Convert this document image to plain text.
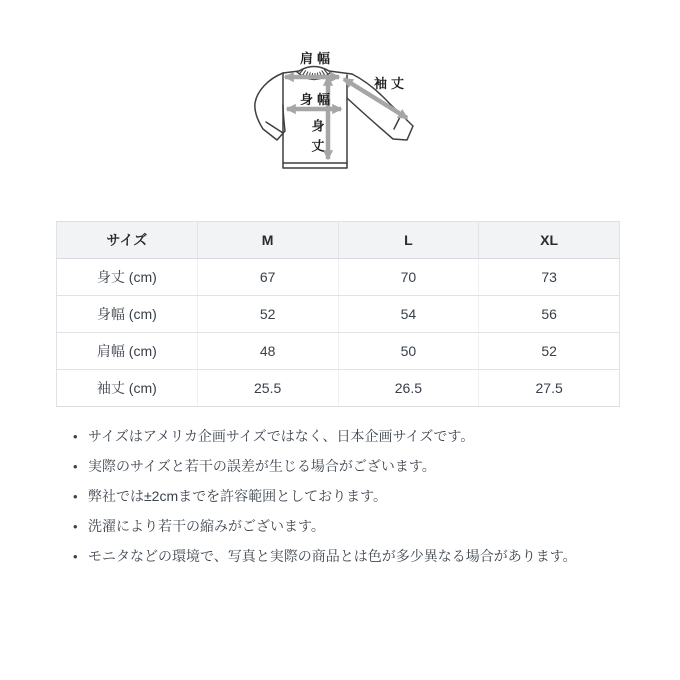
肩幅
袖丈
身幅
身丈
サイズ	M	L	XL
身丈 (cm)	67	70	73
身幅 (cm)	52	54	56
肩幅 (cm)	48	50	52
袖丈 (cm)	25.5	26.5	27.5
• サイズはアメリカ企画サイズではなく、日本企画サイズです。
• 実際のサイズと若干の誤差が生じる場合がございます。
• 弊社では±2cmまでを許容範囲としております。
• 洗濯により若干の縮みがございます。
• モニタなどの環境で、写真と実際の商品とは色が多少異なる場合があります。
